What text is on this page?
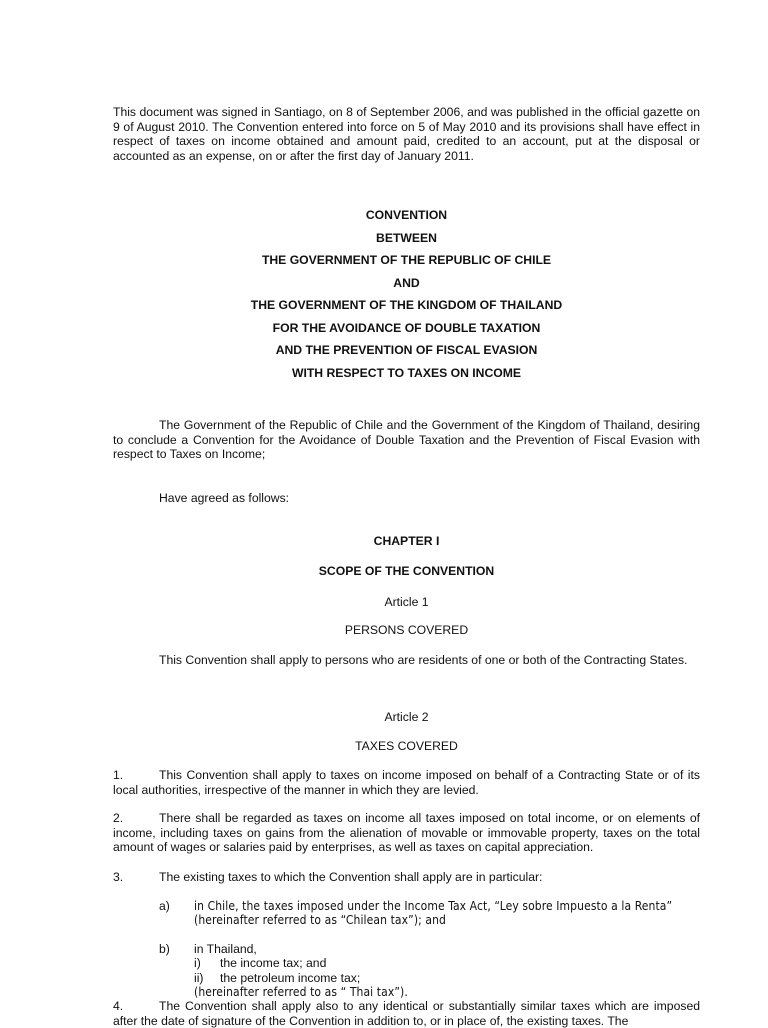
This document was signed in Santiago, on 8 of September 2006, and was published in the official gazette on 9 of August 2010. The Convention entered into force on 5 of May 2010 and its provisions shall have effect in respect of taxes on income obtained and amount paid, credited to an account, put at the disposal or accounted as an expense, on or after the first day of January 2011.
CONVENTION
BETWEEN
THE GOVERNMENT OF THE REPUBLIC OF CHILE
AND
THE GOVERNMENT OF THE KINGDOM OF THAILAND
FOR THE AVOIDANCE OF DOUBLE TAXATION
AND THE PREVENTION OF FISCAL EVASION
WITH RESPECT TO TAXES ON INCOME
The Government of the Republic of Chile and the Government of the Kingdom of Thailand, desiring to conclude a Convention for the Avoidance of Double Taxation and the Prevention of Fiscal Evasion with respect to Taxes on Income;
Have agreed as follows:
CHAPTER I
SCOPE OF THE CONVENTION
Article 1
PERSONS COVERED
This Convention shall apply to persons who are residents of one or both of the Contracting States.
Article 2
TAXES COVERED
1.	This Convention shall apply to taxes on income imposed on behalf of a Contracting State or of its local authorities, irrespective of the manner in which they are levied.
2.	There shall be regarded as taxes on income all taxes imposed on total income, or on elements of income, including taxes on gains from the alienation of movable or immovable property, taxes on the total amount of wages or salaries paid by enterprises, as well as taxes on capital appreciation.
3.	The existing taxes to which the Convention shall apply are in particular:
a) in Chile, the taxes imposed under the Income Tax Act, “Ley sobre Impuesto a la Renta”
(hereinafter referred to as “Chilean tax”); and
b) in Thailand,
i) the income tax; and
ii) the petroleum income tax;
(hereinafter referred to as “ Thai tax”).
4.	The Convention shall apply also to any identical or substantially similar taxes which are imposed after the date of signature of the Convention in addition to, or in place of, the existing taxes. The
